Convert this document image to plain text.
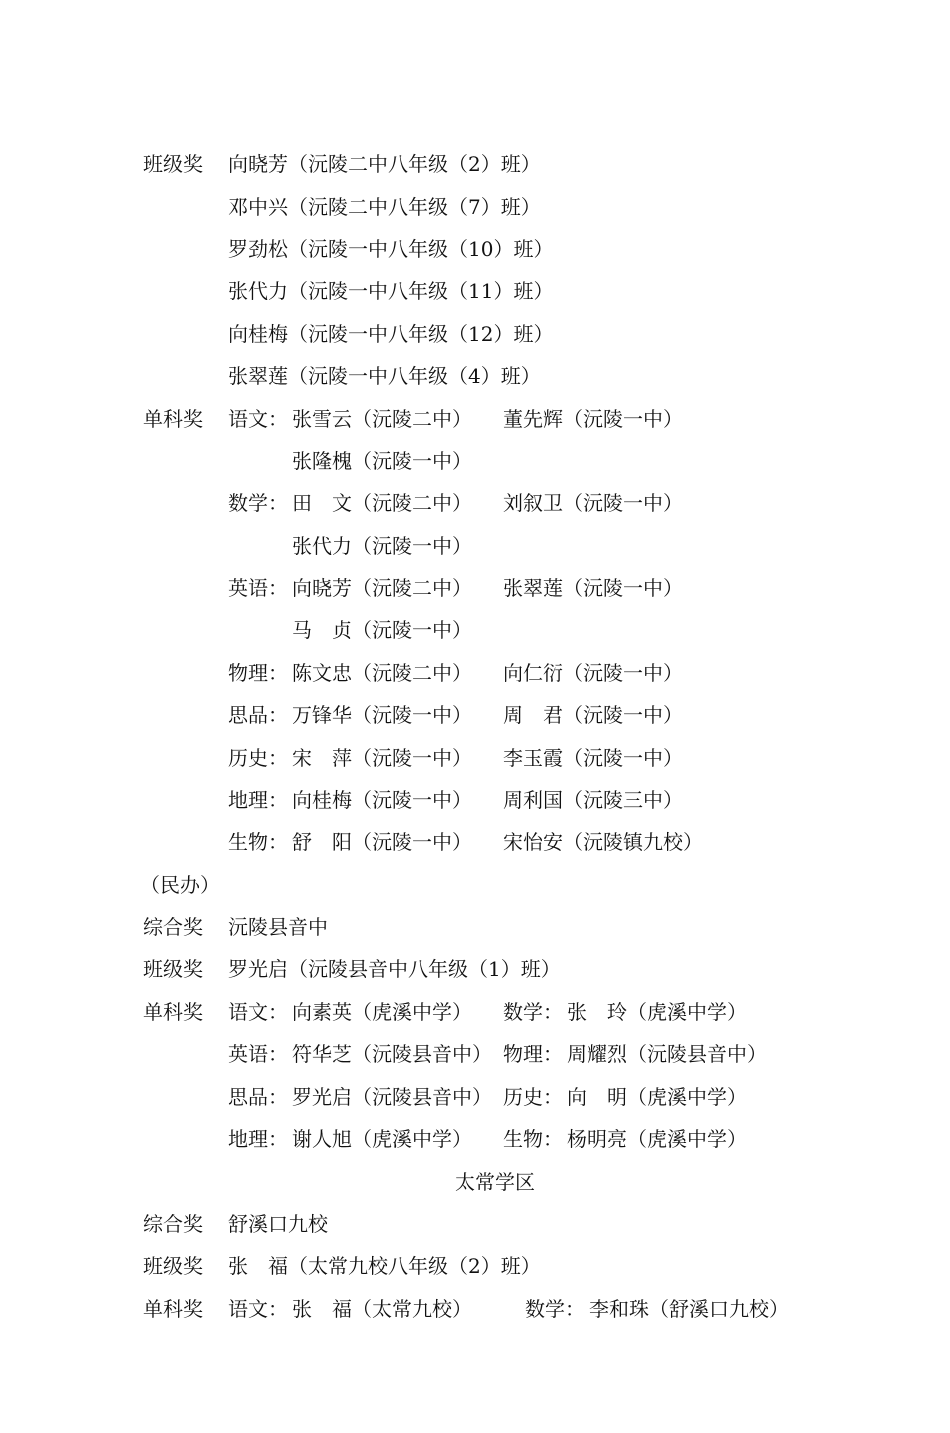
班级奖 向晓芳（沅陵二中八年级（2）班）
邓中兴（沅陵二中八年级（7）班）
罗劲松（沅陵一中八年级（10）班）
张代力（沅陵一中八年级（11）班）
向桂梅（沅陵一中八年级（12）班）
张翠莲（沅陵一中八年级（4）班）
单科奖 语文： 张雪云（沅陵二中） 董先辉（沅陵一中）
张隆槐（沅陵一中）
数学： 田　文（沅陵二中） 刘叙卫（沅陵一中）
张代力（沅陵一中）
英语： 向晓芳（沅陵二中） 张翠莲（沅陵一中）
马　贞（沅陵一中）
物理： 陈文忠（沅陵二中） 向仁衍（沅陵一中）
思品： 万锋华（沅陵一中） 周　君（沅陵一中）
历史： 宋　萍（沅陵一中） 李玉霞（沅陵一中）
地理： 向桂梅（沅陵一中） 周利国（沅陵三中）
生物： 舒　阳（沅陵一中） 宋怡安（沅陵镇九校）
（民办）
综合奖 沅陵县音中
班级奖 罗光启（沅陵县音中八年级（1）班）
单科奖 语文： 向素英（虎溪中学） 数学： 张　玲（虎溪中学）
英语： 符华芝（沅陵县音中） 物理： 周耀烈（沅陵县音中）
思品： 罗光启（沅陵县音中） 历史： 向　明（虎溪中学）
地理： 谢人旭（虎溪中学） 生物： 杨明亮（虎溪中学）
太常学区
综合奖 舒溪口九校
班级奖 张　福（太常九校八年级（2）班）
单科奖 语文： 张　福（太常九校）	数学： 李和珠（舒溪口九校）
